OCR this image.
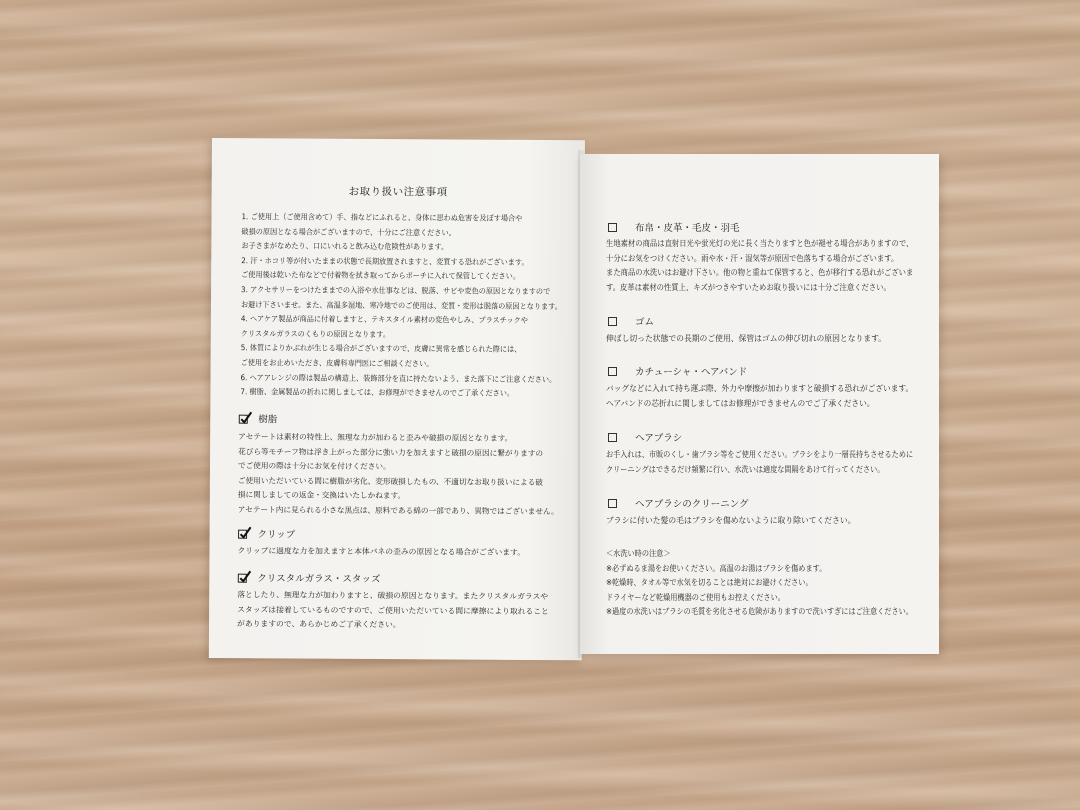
お取り扱い注意事項
1. ご使用上（ご使用含めて）手、指などにふれると、身体に思わぬ危害を及ぼす場合や
破損の原因となる場合がございますので、十分にご注意ください。
お子さまがなめたり、口にいれると飲み込む危険性があります。
2. 汗・ホコリ等が付いたままの状態で長期放置されますと、変質する恐れがございます。
ご使用後は乾いた布などで付着物を拭き取ってからポーチに入れて保管してください。
3. アクセサリーをつけたままでの入浴や水仕事などは、脱落、サビや変色の原因となりますので
お避け下さいませ。また、高温多湿地、寒冷地でのご使用は、変質・変形は脱落の原因となります。
4. ヘアケア製品が商品に付着しますと、テキスタイル素材の変色やしみ、プラスチックや
クリスタルガラスのくもりの原因となります。
5. 体質によりかぶれが生じる場合がございますので、皮膚に異常を感じられた際には、
ご使用をお止めいただき、皮膚科専門医にご相談ください。
6. ヘアアレンジの際は製品の構造上、装飾部分を直に持たないよう、また落下にご注意ください。
7. 樹脂、金属製品の折れに関しましては、お修理ができませんのでご了承ください。
樹脂
アセテートは素材の特性上、無理な力が加わると歪みや破損の原因となります。
花びら等モチーフ物は浮き上がった部分に強い力を加えますと破損の原因に繋がりますの
でご使用の際は十分にお気を付けください。
ご使用いただいている間に樹脂が劣化、変形破損したもの、不適切なお取り扱いによる破
損に関しましての返金・交換はいたしかねます。
アセテート内に見られる小さな黒点は、原料である綿の一部であり、異物ではございません。
クリップ
クリップに過度な力を加えますと本体バネの歪みの原因となる場合がございます。
クリスタルガラス・スタッズ
落としたり、無理な力が加わりますと、破損の原因となります。またクリスタルガラスや
スタッズは接着しているものですので、ご使用いただいている間に摩擦により取れること
がありますので、あらかじめご了承ください。
布帛・皮革・毛皮・羽毛
生地素材の商品は直射日光や蛍光灯の光に長く当たりますと色が褪せる場合がありますので、
十分にお気をつけください。雨や水・汗・湿気等が原因で色落ちする場合がございます。
また商品の水洗いはお避け下さい。他の物と重ねて保管すると、色が移行する恐れがございま
す。皮革は素材の性質上、キズがつきやすいためお取り扱いには十分ご注意ください。
ゴム
伸ばし切った状態での長期のご使用、保管はゴムの伸び切れの原因となります。
カチューシャ・ヘアバンド
バッグなどに入れて持ち運ぶ際、外力や摩擦が加わりますと破損する恐れがございます。
ヘアバンドの芯折れに関しましてはお修理ができませんのでご了承ください。
ヘアブラシ
お手入れは、市販のくし・歯ブラシ等をご使用ください。ブラシをより一層長持ちさせるために
クリーニングはできるだけ頻繁に行い、水洗いは適度な間隔をあけて行ってください。
ヘアブラシのクリーニング
ブラシに付いた髪の毛はブラシを傷めないように取り除いてください。
＜水洗い時の注意＞
※必ずぬるま湯をお使いください。高温のお湯はブラシを傷めます。
※乾燥時、タオル等で水気を切ることは絶対にお避けください。
ドライヤーなど乾燥用機器のご使用もお控えください。
※過度の水洗いはブラシの毛質を劣化させる危険がありますので洗いすぎにはご注意ください。
